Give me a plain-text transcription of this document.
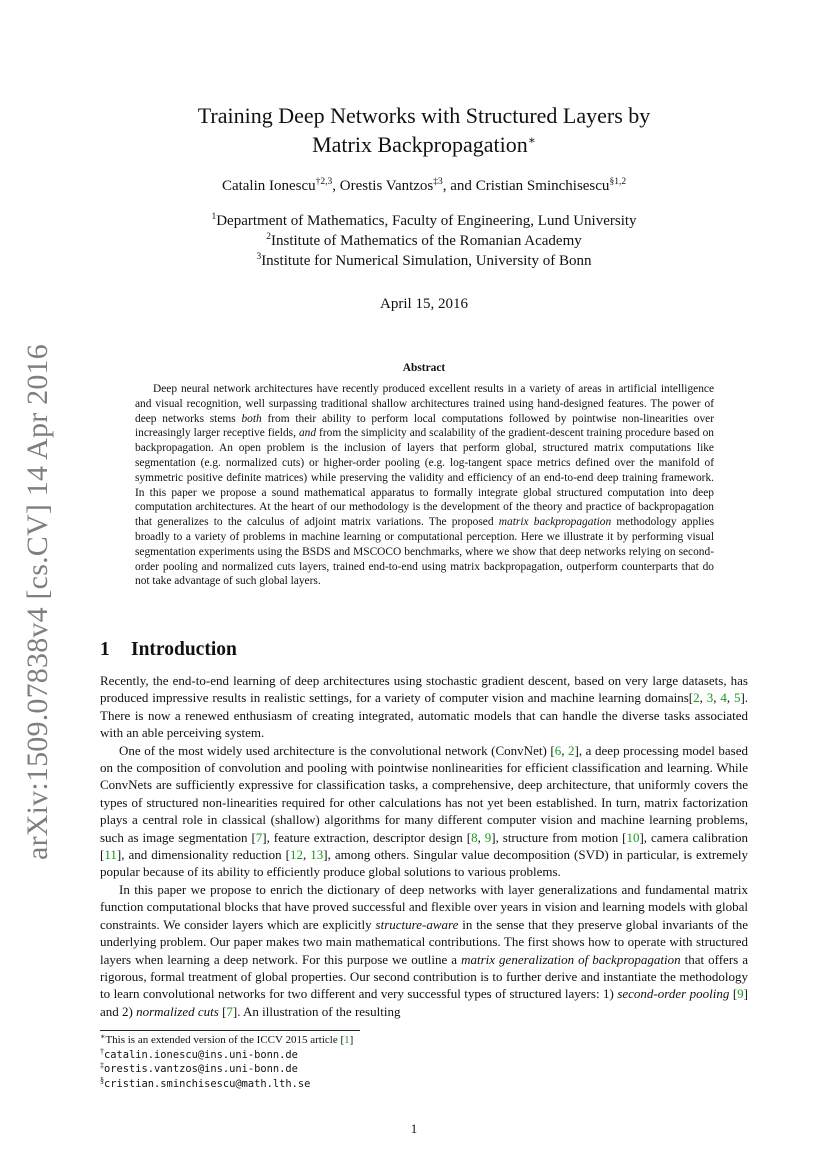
arXiv:1509.07838v4 [cs.CV] 14 Apr 2016
Training Deep Networks with Structured Layers by
Matrix Backpropagation∗
Catalin Ionescu$^{\dagger 2,3}$, Orestis Vantzos$^{\ddagger 3}$, and Cristian Sminchisescu$^{\S 1,2}$
$^1$Department of Mathematics, Faculty of Engineering, Lund University
$^2$Institute of Mathematics of the Romanian Academy
$^3$Institute for Numerical Simulation, University of Bonn
April 15, 2016
Abstract

Deep neural network architectures have recently produced excellent results in a variety of areas in artificial intelligence and visual recognition, well surpassing traditional shallow architectures trained using hand-designed features. The power of deep networks stems both from their ability to perform local computations followed by pointwise non-linearities over increasingly larger receptive fields, and from the simplicity and scalability of the gradient-descent training procedure based on backpropagation. An open problem is the inclusion of layers that perform global, structured matrix computations like segmentation (e.g. normalized cuts) or higher-order pooling (e.g. log-tangent space metrics defined over the manifold of symmetric positive definite matrices) while preserving the validity and efficiency of an end-to-end deep training framework. In this paper we propose a sound mathematical apparatus to formally integrate global structured computation into deep computation architectures. At the heart of our methodology is the development of the theory and practice of backpropagation that generalizes to the calculus of adjoint matrix variations. The proposed matrix backpropagation methodology applies broadly to a variety of problems in machine learning or computational perception. Here we illustrate it by performing visual segmentation experiments using the BSDS and MSCOCO benchmarks, where we show that deep networks relying on second-order pooling and normalized cuts layers, trained end-to-end using matrix backpropagation, outperform counterparts that do not take advantage of such global layers.

1 Introduction

Recently, the end-to-end learning of deep architectures using stochastic gradient descent, based on very large datasets, has produced impressive results in realistic settings, for a variety of computer vision and machine learning domains[2, 3, 4, 5]. There is now a renewed enthusiasm of creating integrated, automatic models that can handle the diverse tasks associated with an able perceiving system.

One of the most widely used architecture is the convolutional network (ConvNet) [6, 2], a deep processing model based on the composition of convolution and pooling with pointwise nonlinearities for efficient classification and learning. While ConvNets are sufficiently expressive for classification tasks, a comprehensive, deep architecture, that uniformly covers the types of structured non-linearities required for other calculations has not yet been established. In turn, matrix factorization plays a central role in classical (shallow) algorithms for many different computer vision and machine learning problems, such as image segmentation [7], feature extraction, descriptor design [8, 9], structure from motion [10], camera calibration [11], and dimensionality reduction [12, 13], among others. Singular value decomposition (SVD) in particular, is extremely popular because of its ability to efficiently produce global solutions to various problems.

In this paper we propose to enrich the dictionary of deep networks with layer generalizations and fundamental matrix function computational blocks that have proved successful and flexible over years in vision and learning models with global constraints. We consider layers which are explicitly structure-aware in the sense that they preserve global invariants of the underlying problem. Our paper makes two main mathematical contributions. The first shows how to operate with structured layers when learning a deep network. For this purpose we outline a matrix generalization of backpropagation that offers a rigorous, formal treatment of global properties. Our second contribution is to further derive and instantiate the methodology to learn convolutional networks for two different and very successful types of structured layers: 1) second-order pooling [9] and 2) normalized cuts [7]. An illustration of the resulting

∗This is an extended version of the ICCV 2015 article [1]
†catalin.ionescu@ins.uni-bonn.de
‡orestis.vantzos@ins.uni-bonn.de
§cristian.sminchisescu@math.lth.se
1
